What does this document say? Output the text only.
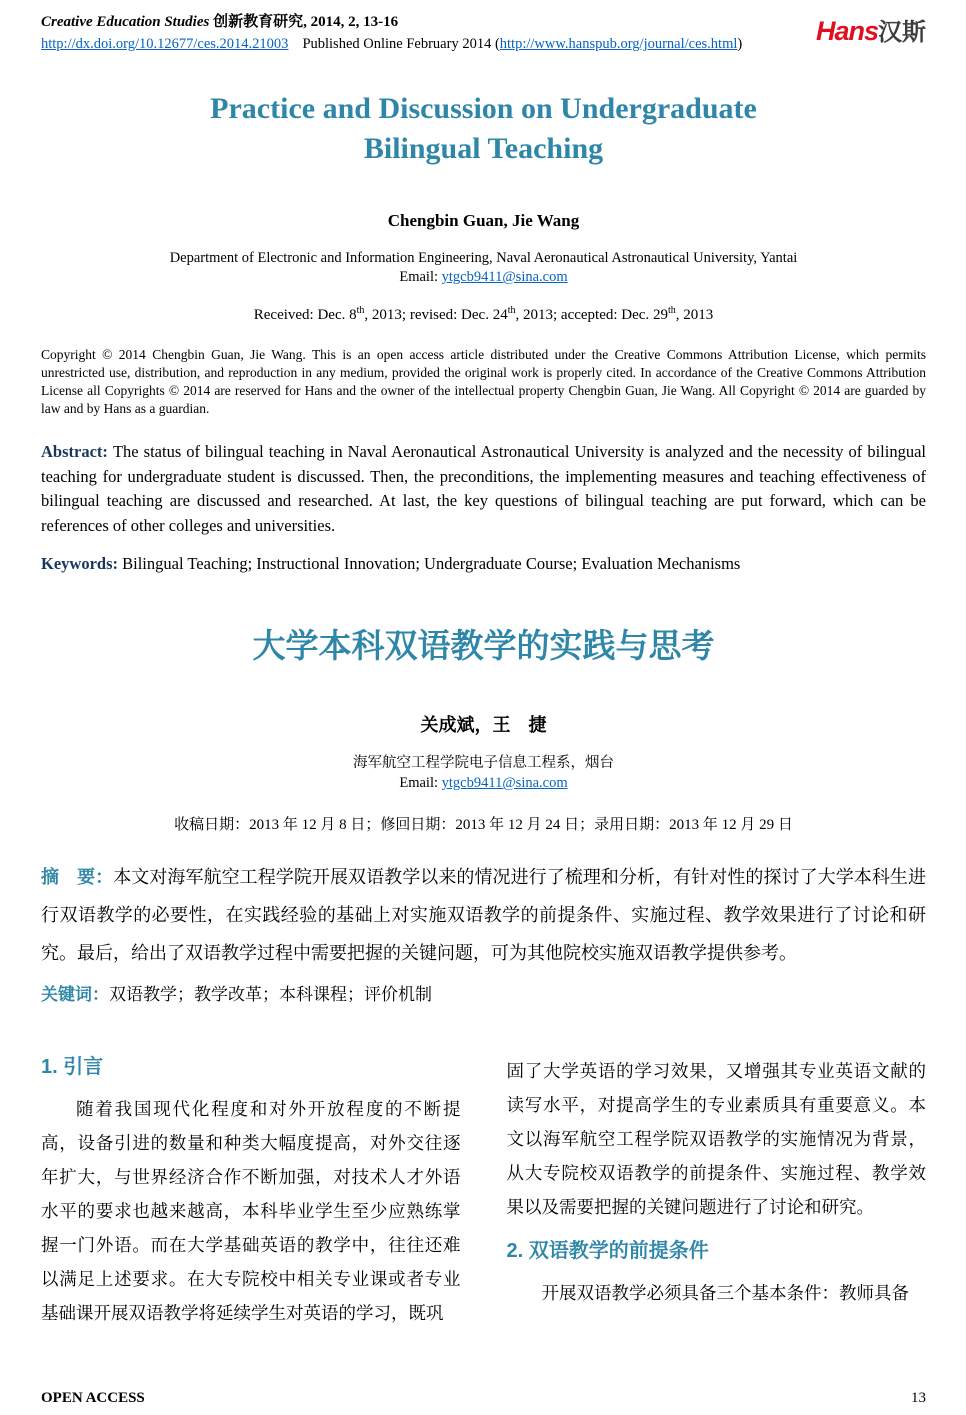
Creative Education Studies 创新教育研究, 2014, 2, 13-16
http://dx.doi.org/10.12677/ces.2014.21003 Published Online February 2014 (http://www.hanspub.org/journal/ces.html)	Hans汉斯
Practice and Discussion on Undergraduate
Bilingual Teaching
Chengbin Guan, Jie Wang
Department of Electronic and Information Engineering, Naval Aeronautical Astronautical University, Yantai
Email: ytgcb9411@sina.com
Received: Dec. 8th, 2013; revised: Dec. 24th, 2013; accepted: Dec. 29th, 2013

Copyright © 2014 Chengbin Guan, Jie Wang. This is an open access article distributed under the Creative Commons Attribution License, which permits unrestricted use, distribution, and reproduction in any medium, provided the original work is properly cited. In accordance of the Creative Commons Attribution License all Copyrights © 2014 are reserved for Hans and the owner of the intellectual property Chengbin Guan, Jie Wang. All Copyright © 2014 are guarded by law and by Hans as a guardian.

Abstract: The status of bilingual teaching in Naval Aeronautical Astronautical University is analyzed and the necessity of bilingual teaching for undergraduate student is discussed. Then, the preconditions, the implementing measures and teaching effectiveness of bilingual teaching are discussed and researched. At last, the key questions of bilingual teaching are put forward, which can be references of other colleges and universities.

Keywords: Bilingual Teaching; Instructional Innovation; Undergraduate Course; Evaluation Mechanisms

大学本科双语教学的实践与思考
关成斌，王　捷
海军航空工程学院电子信息工程系，烟台
Email: ytgcb9411@sina.com
收稿日期：2013 年 12 月 8 日；修回日期：2013 年 12 月 24 日；录用日期：2013 年 12 月 29 日

摘　要：本文对海军航空工程学院开展双语教学以来的情况进行了梳理和分析，有针对性的探讨了大学本科生进行双语教学的必要性，在实践经验的基础上对实施双语教学的前提条件、实施过程、教学效果进行了讨论和研究。最后，给出了双语教学过程中需要把握的关键问题，可为其他院校实施双语教学提供参考。

关键词：双语教学；教学改革；本科课程；评价机制

1. 引言

随着我国现代化程度和对外开放程度的不断提高，设备引进的数量和种类大幅度提高，对外交往逐年扩大，与世界经济合作不断加强，对技术人才外语水平的要求也越来越高，本科毕业学生至少应熟练掌握一门外语。而在大学基础英语的教学中，往往还难以满足上述要求。在大专院校中相关专业课或者专业基础课开展双语教学将延续学生对英语的学习，既巩

固了大学英语的学习效果，又增强其专业英语文献的读写水平，对提高学生的专业素质具有重要意义。本文以海军航空工程学院双语教学的实施情况为背景，从大专院校双语教学的前提条件、实施过程、教学效果以及需要把握的关键问题进行了讨论和研究。

2. 双语教学的前提条件

开展双语教学必须具备三个基本条件：教师具备

OPEN ACCESS	13
